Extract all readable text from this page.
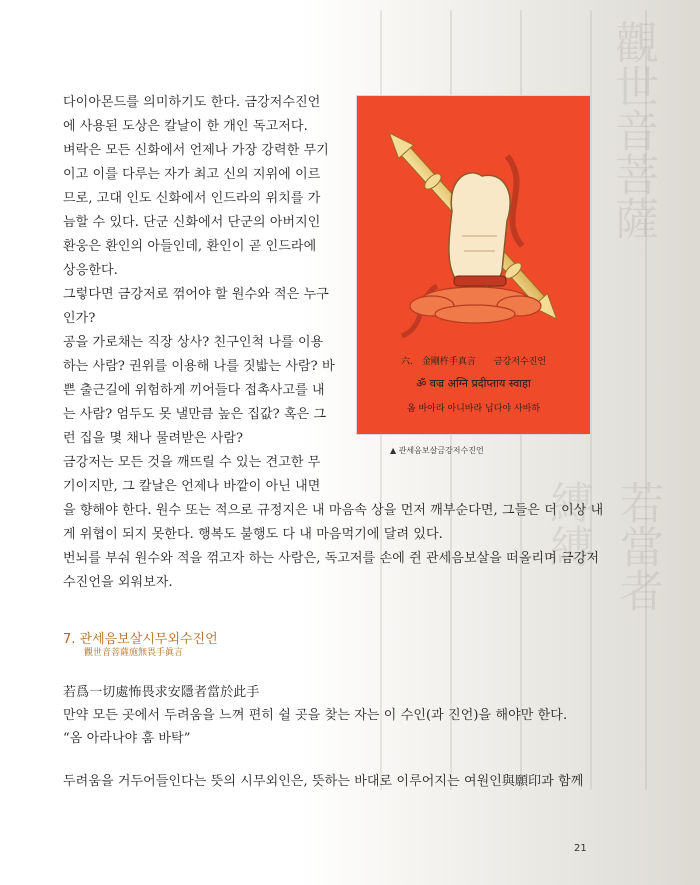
觀世音菩薩
縛縛 若當者
다이아몬드를 의미하기도 한다. 금강저수진언
에 사용된 도상은 칼날이 한 개인 독고저다.
벼락은 모든 신화에서 언제나 가장 강력한 무기
이고 이를 다루는 자가 최고 신의 지위에 이르
므로, 고대 인도 신화에서 인드라의 위치를 가
늠할 수 있다. 단군 신화에서 단군의 아버지인
환웅은 환인의 아들인데, 환인이 곧 인드라에
상응한다.
그렇다면 금강저로 꺾어야 할 원수와 적은 누구
인가?
공을 가로채는 직장 상사? 친구인척 나를 이용
하는 사람? 권위를 이용해 나를 짓밟는 사람? 바
쁜 출근길에 위험하게 끼어들다 접촉사고를 내
는 사람? 엄두도 못 낼만큼 높은 집값? 혹은 그
런 집을 몇 채나 물려받은 사람?
금강저는 모든 것을 깨뜨릴 수 있는 견고한 무
기이지만, 그 칼날은 언제나 바깥이 아닌 내면
을 향해야 한다. 원수 또는 적으로 규정지은 내 마음속 상을 먼저 깨부순다면, 그들은 더 이상 내
게 위협이 되지 못한다. 행복도 불행도 다 내 마음먹기에 달려 있다.
번뇌를 부숴 원수와 적을 꺾고자 하는 사람은, 독고저를 손에 쥔 관세음보살을 떠올리며 금강저
수진언을 외워보자.
六.　金剛杵手真言　　금강저수진언
ॐ वज्र अग्नि प्रदीप्ताय स्वाहा
옴 바아라 아니바라 닙다야 사바하
▲ 관세음보살금강저수진언
7. 관세음보살시무외수진언
觀世音菩薩施無畏手眞言
若爲一切處怖畏求安隱者當於此手
만약 모든 곳에서 두려움을 느껴 편히 쉴 곳을 찾는 자는 이 수인(과 진언)을 해야만 한다.
“옴 아라나야 훔 바탁”
두려움을 거두어들인다는 뜻의 시무외인은, 뜻하는 바대로 이루어지는 여원인與願印과 함께
21
